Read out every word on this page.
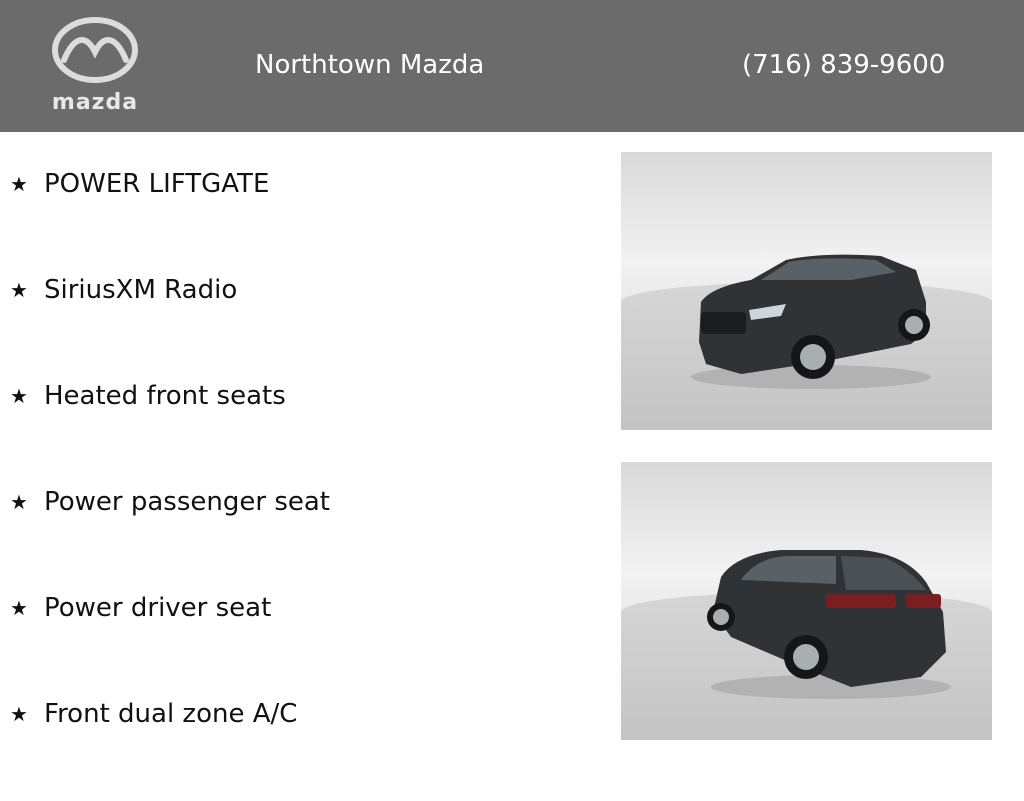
mazda
Northtown Mazda	(716) 839-9600
★ POWER LIFTGATE
★ SiriusXM Radio
★ Heated front seats
★ Power passenger seat
★ Power driver seat
★ Front dual zone A/C
